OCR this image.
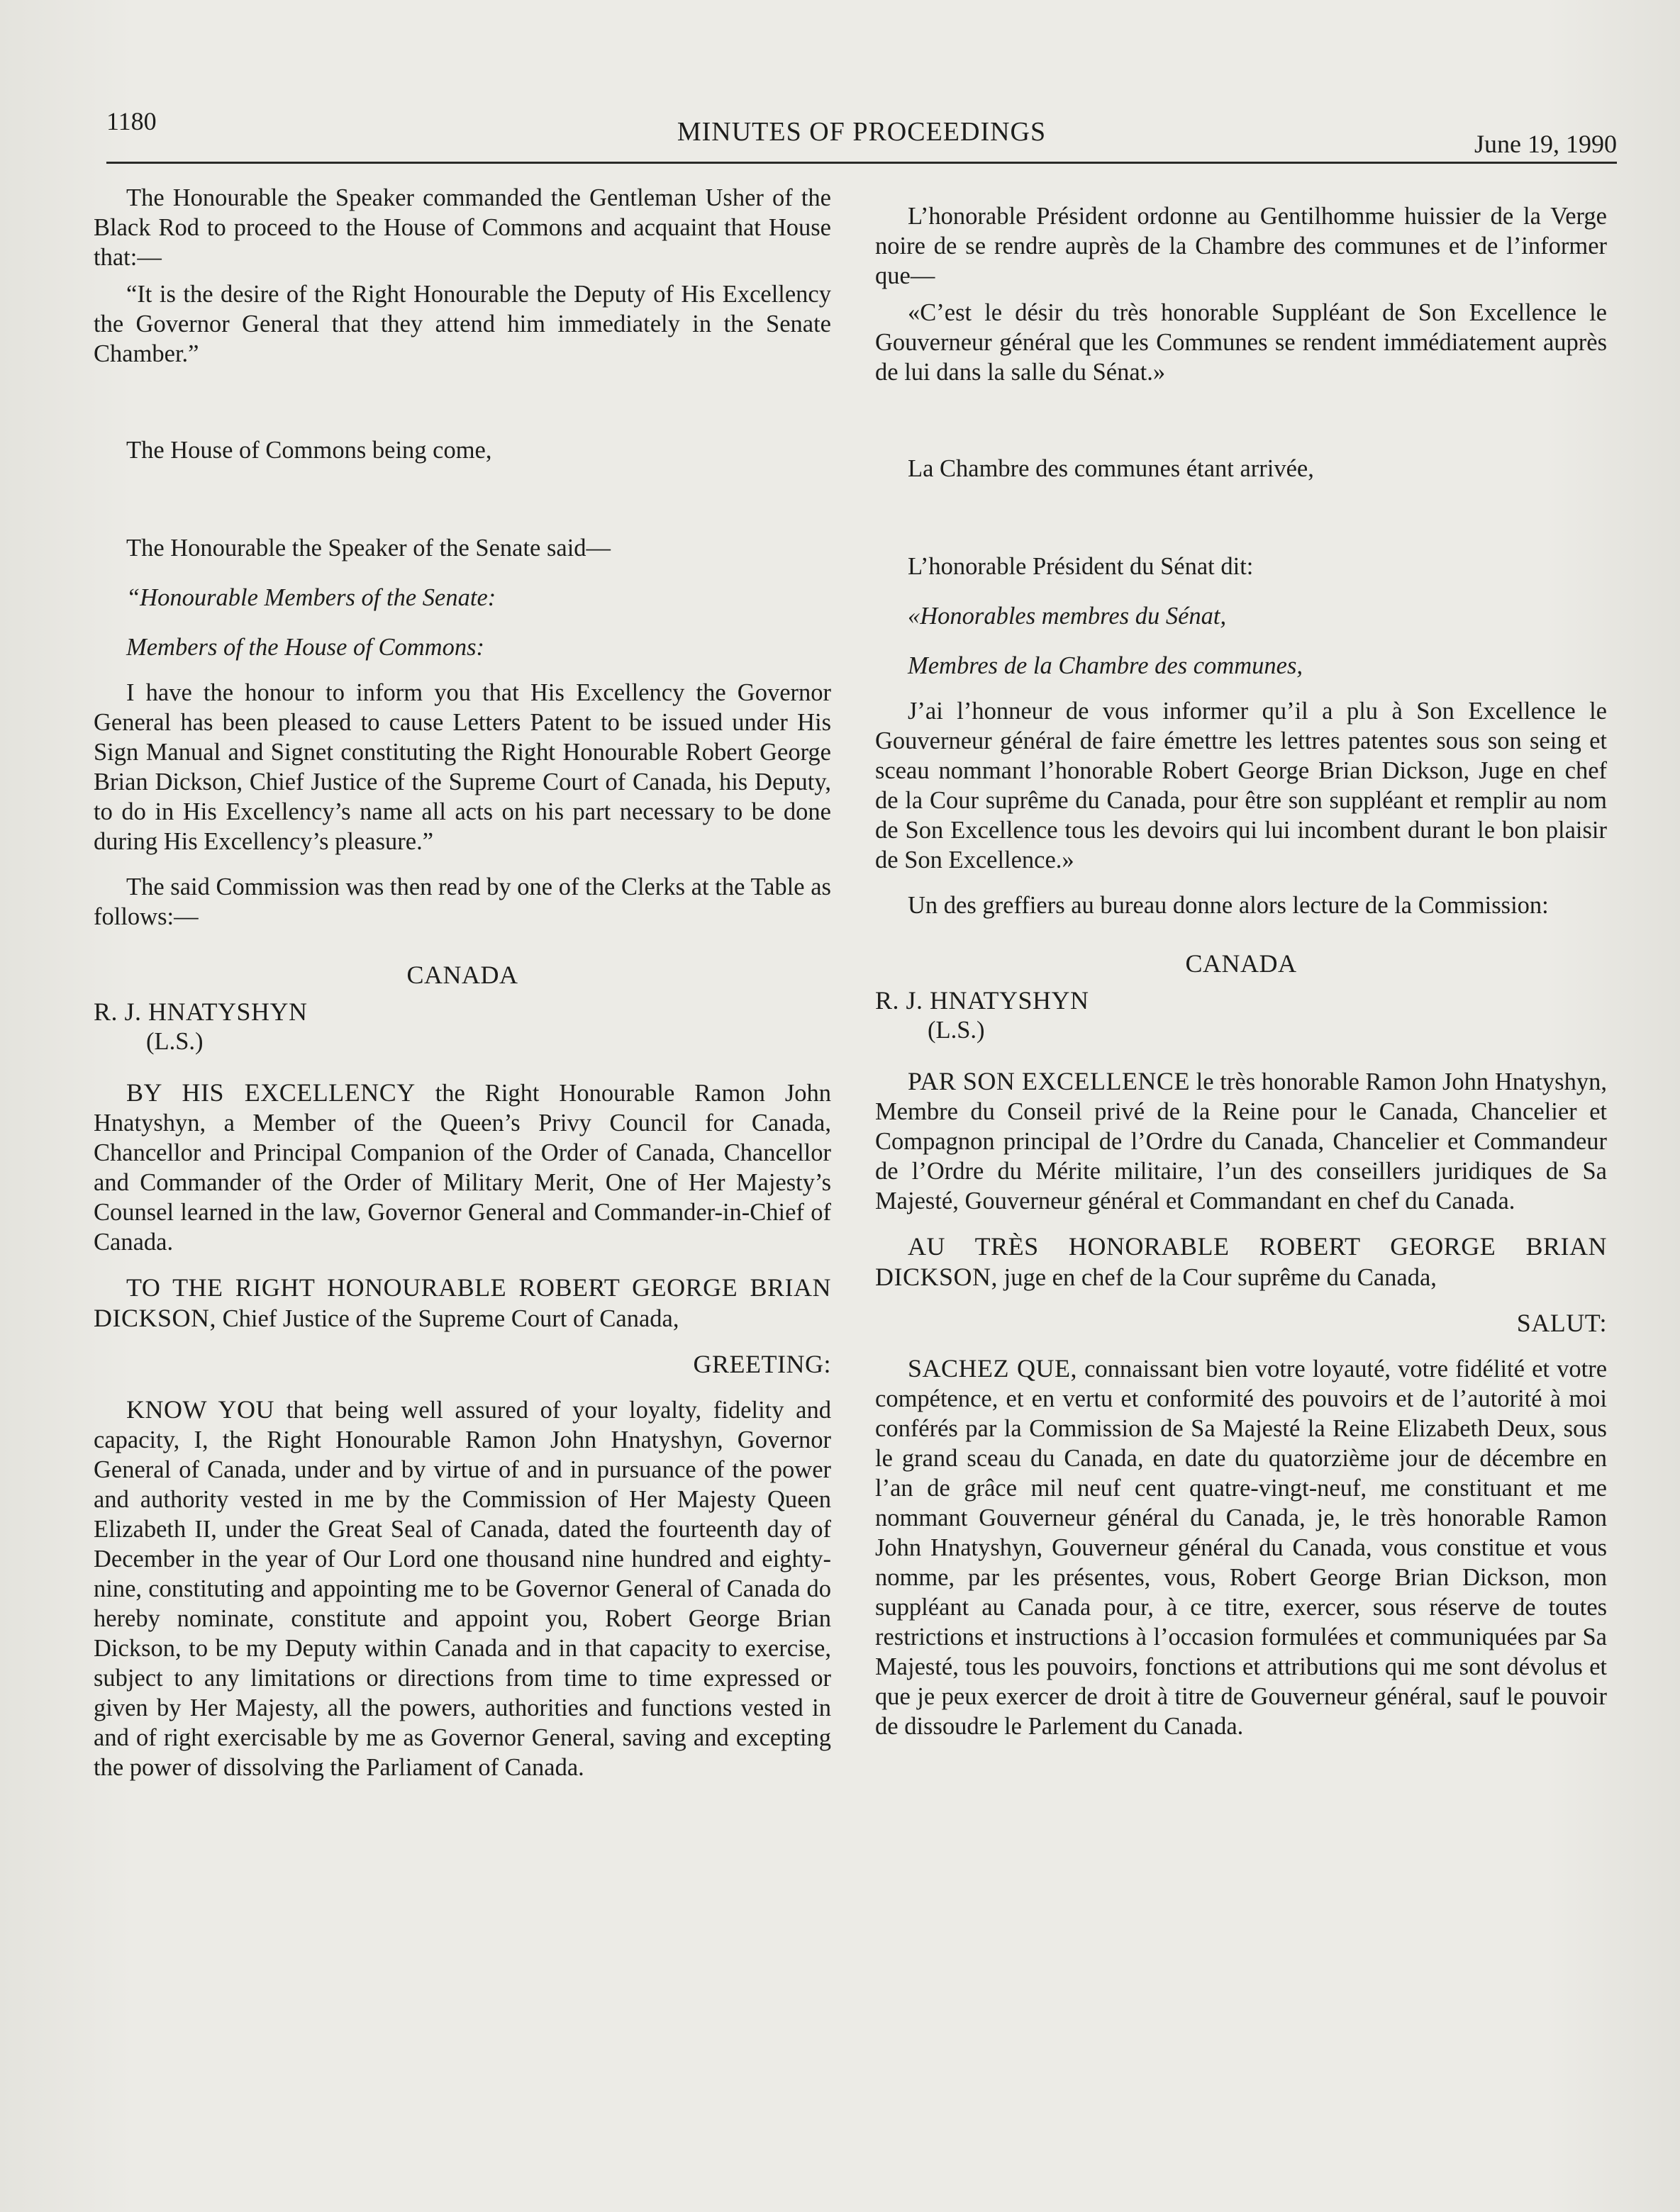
1180	MINUTES OF PROCEEDINGS	June 19, 1990

The Honourable the Speaker commanded the Gentleman Usher of the Black Rod to proceed to the House of Commons and acquaint that House that:—

“It is the desire of the Right Honourable the Deputy of His Excellency the Governor General that they attend him immediately in the Senate Chamber.”

The House of Commons being come,

The Honourable the Speaker of the Senate said—

“Honourable Members of the Senate:

Members of the House of Commons:

I have the honour to inform you that His Excellency the Governor General has been pleased to cause Letters Patent to be issued under His Sign Manual and Signet constituting the Right Honourable Robert George Brian Dickson, Chief Justice of the Supreme Court of Canada, his Deputy, to do in His Excellency’s name all acts on his part necessary to be done during His Excellency’s pleasure.”

The said Commission was then read by one of the Clerks at the Table as follows:—

CANADA

R. J. HNATYSHYN

(L.S.)

BY HIS EXCELLENCY the Right Honourable Ramon John Hnatyshyn, a Member of the Queen’s Privy Council for Canada, Chancellor and Principal Companion of the Order of Canada, Chancellor and Commander of the Order of Military Merit, One of Her Majesty’s Counsel learned in the law, Governor General and Commander-in-Chief of Canada.

TO THE RIGHT HONOURABLE ROBERT GEORGE BRIAN DICKSON, Chief Justice of the Supreme Court of Canada,

GREETING:

KNOW YOU that being well assured of your loyalty, fidelity and capacity, I, the Right Honourable Ramon John Hnatyshyn, Governor General of Canada, under and by virtue of and in pursuance of the power and authority vested in me by the Commission of Her Majesty Queen Elizabeth II, under the Great Seal of Canada, dated the fourteenth day of December in the year of Our Lord one thousand nine hundred and eighty-nine, constituting and appointing me to be Governor General of Canada do hereby nominate, constitute and appoint you, Robert George Brian Dickson, to be my Deputy within Canada and in that capacity to exercise, subject to any limitations or directions from time to time expressed or given by Her Majesty, all the powers, authorities and functions vested in and of right exercisable by me as Governor General, saving and excepting the power of dissolving the Parliament of Canada.

L’honorable Président ordonne au Gentilhomme huissier de la Verge noire de se rendre auprès de la Chambre des communes et de l’informer que—

«C’est le désir du très honorable Suppléant de Son Excellence le Gouverneur général que les Communes se rendent immédiatement auprès de lui dans la salle du Sénat.»

La Chambre des communes étant arrivée,

L’honorable Président du Sénat dit:

«Honorables membres du Sénat,

Membres de la Chambre des communes,

J’ai l’honneur de vous informer qu’il a plu à Son Excellence le Gouverneur général de faire émettre les lettres patentes sous son seing et sceau nommant l’honorable Robert George Brian Dickson, Juge en chef de la Cour suprême du Canada, pour être son suppléant et remplir au nom de Son Excellence tous les devoirs qui lui incombent durant le bon plaisir de Son Excellence.»

Un des greffiers au bureau donne alors lecture de la Commission:

CANADA

R. J. HNATYSHYN

(L.S.)

PAR SON EXCELLENCE le très honorable Ramon John Hnatyshyn, Membre du Conseil privé de la Reine pour le Canada, Chancelier et Compagnon principal de l’Ordre du Canada, Chancelier et Commandeur de l’Ordre du Mérite militaire, l’un des conseillers juridiques de Sa Majesté, Gouverneur général et Commandant en chef du Canada.

AU TRÈS HONORABLE ROBERT GEORGE BRIAN DICKSON, juge en chef de la Cour suprême du Canada,

SALUT:

SACHEZ QUE, connaissant bien votre loyauté, votre fidélité et votre compétence, et en vertu et conformité des pouvoirs et de l’autorité à moi conférés par la Commission de Sa Majesté la Reine Elizabeth Deux, sous le grand sceau du Canada, en date du quatorzième jour de décembre en l’an de grâce mil neuf cent quatre-vingt-neuf, me constituant et me nommant Gouverneur général du Canada, je, le très honorable Ramon John Hnatyshyn, Gouverneur général du Canada, vous constitue et vous nomme, par les présentes, vous, Robert George Brian Dickson, mon suppléant au Canada pour, à ce titre, exercer, sous réserve de toutes restrictions et instructions à l’occasion formulées et communiquées par Sa Majesté, tous les pouvoirs, fonctions et attributions qui me sont dévolus et que je peux exercer de droit à titre de Gouverneur général, sauf le pouvoir de dissoudre le Parlement du Canada.
